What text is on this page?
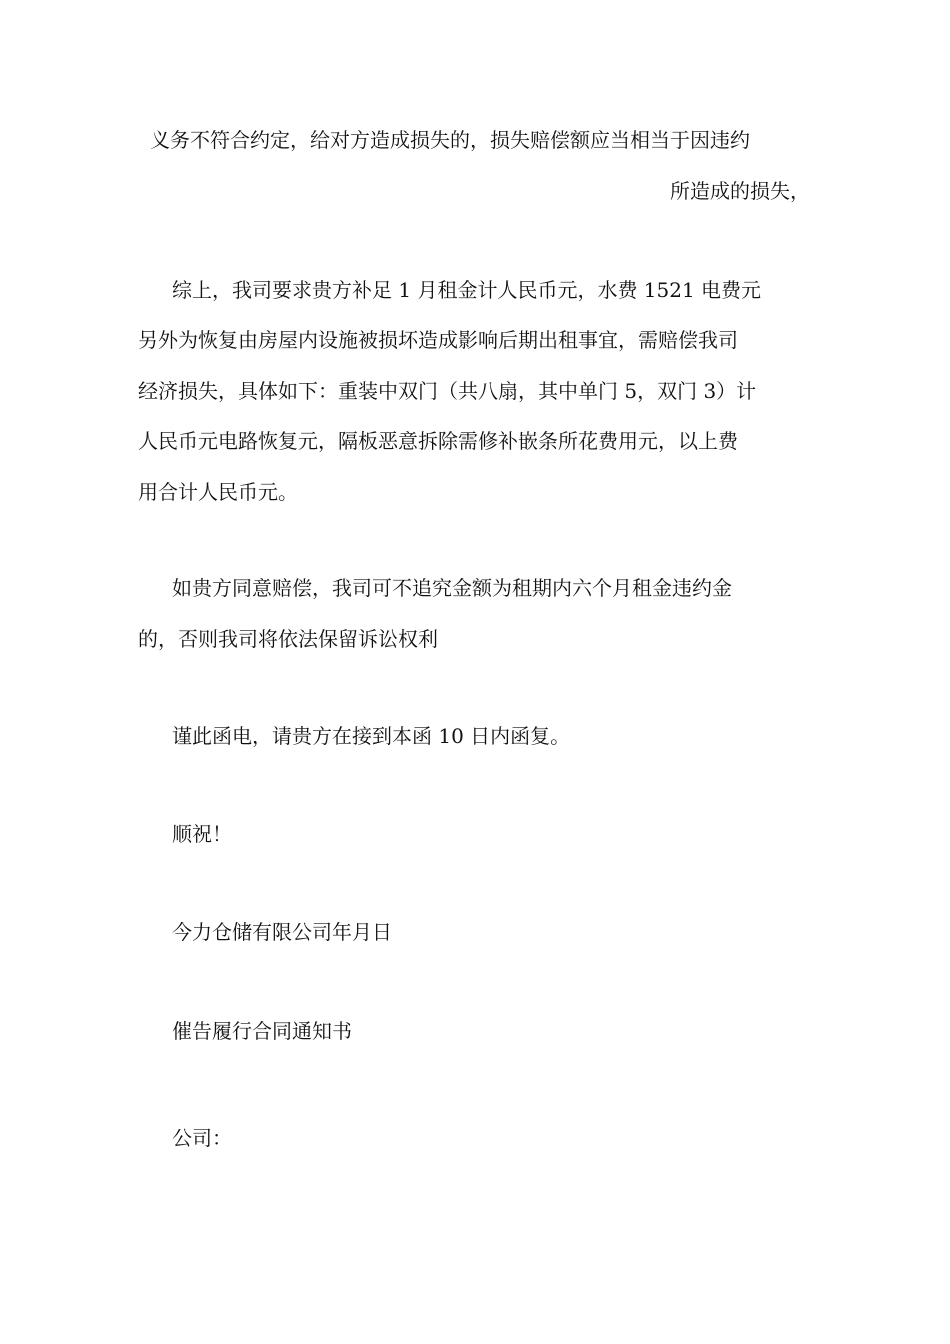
义务不符合约定，给对方造成损失的，损失赔偿额应当相当于因违约
所造成的损失，
综上，我司要求贵方补足 1 月租金计人民币元，水费 1521 电费元
另外为恢复由房屋内设施被损坏造成影响后期出租事宜，需赔偿我司
经济损失，具体如下：重装中双门（共八扇，其中单门 5，双门 3）计
人民币元电路恢复元，隔板恶意拆除需修补嵌条所花费用元，以上费
用合计人民币元。
如贵方同意赔偿，我司可不追究金额为租期内六个月租金违约金
的，否则我司将依法保留诉讼权利
谨此函电，请贵方在接到本函 10 日内函复。
顺祝！
今力仓储有限公司年月日
催告履行合同通知书
公司：
